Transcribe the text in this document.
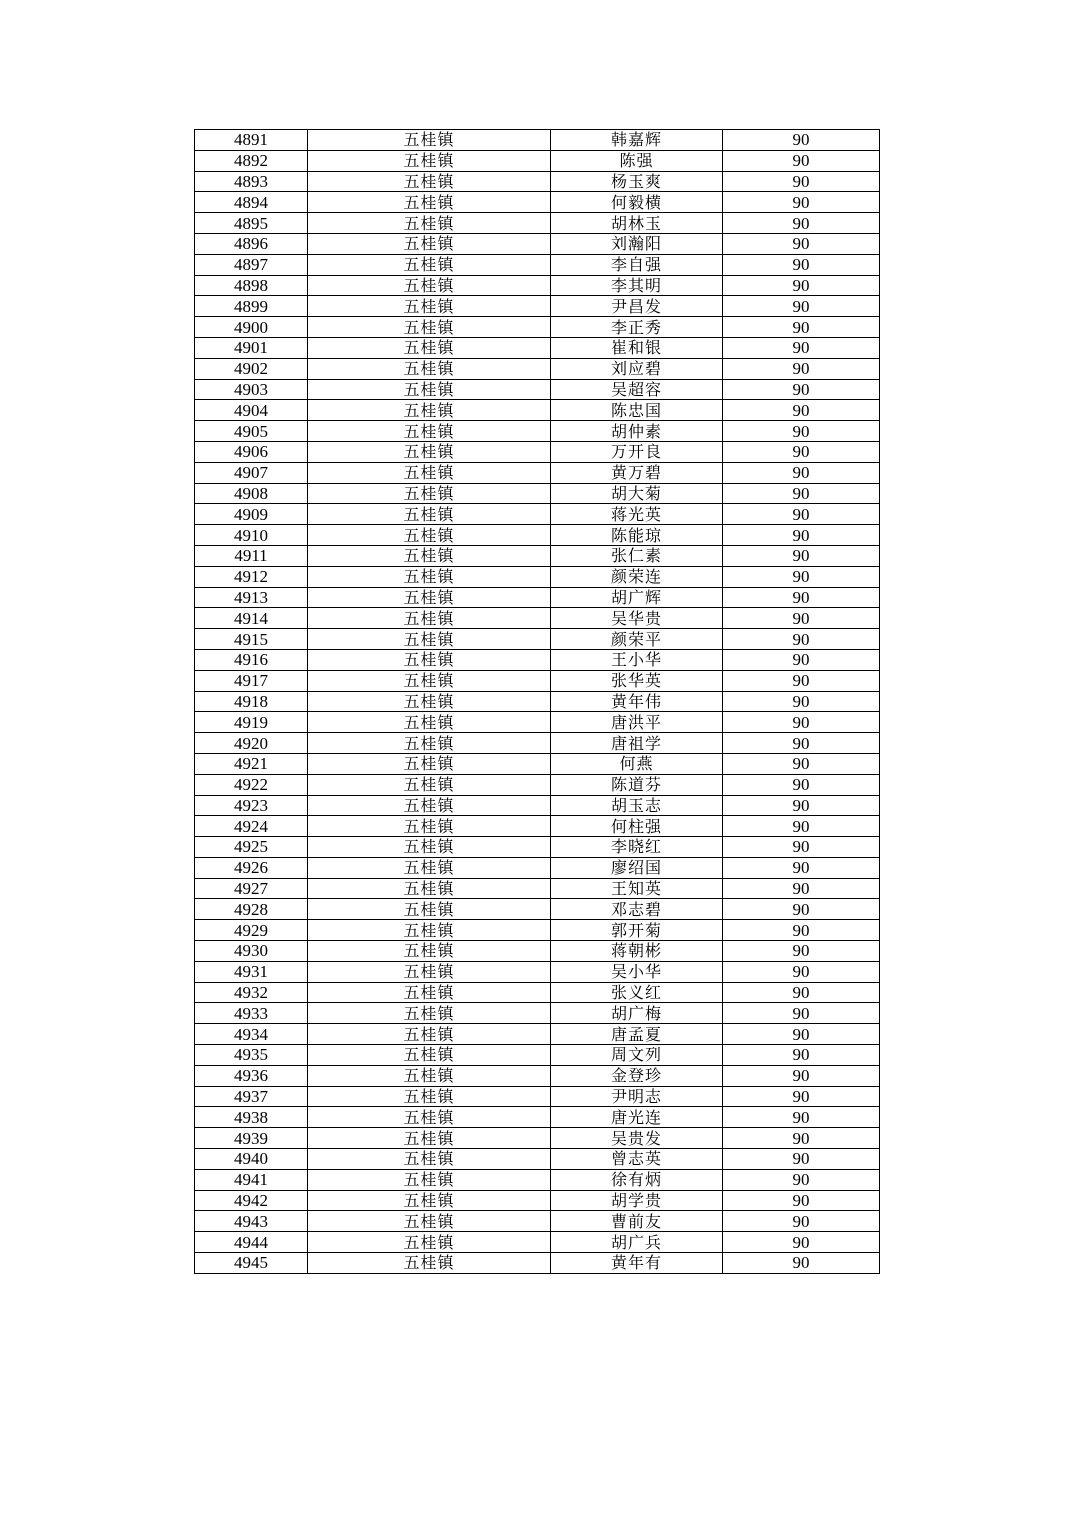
4891	五桂镇	韩嘉辉	90
4892	五桂镇	陈强	90
4893	五桂镇	杨玉爽	90
4894	五桂镇	何毅横	90
4895	五桂镇	胡林玉	90
4896	五桂镇	刘瀚阳	90
4897	五桂镇	李自强	90
4898	五桂镇	李其明	90
4899	五桂镇	尹昌发	90
4900	五桂镇	李正秀	90
4901	五桂镇	崔和银	90
4902	五桂镇	刘应碧	90
4903	五桂镇	吴超容	90
4904	五桂镇	陈忠国	90
4905	五桂镇	胡仲素	90
4906	五桂镇	万开良	90
4907	五桂镇	黄万碧	90
4908	五桂镇	胡大菊	90
4909	五桂镇	蒋光英	90
4910	五桂镇	陈能琼	90
4911	五桂镇	张仁素	90
4912	五桂镇	颜荣连	90
4913	五桂镇	胡广辉	90
4914	五桂镇	吴华贵	90
4915	五桂镇	颜荣平	90
4916	五桂镇	王小华	90
4917	五桂镇	张华英	90
4918	五桂镇	黄年伟	90
4919	五桂镇	唐洪平	90
4920	五桂镇	唐祖学	90
4921	五桂镇	何燕	90
4922	五桂镇	陈道芬	90
4923	五桂镇	胡玉志	90
4924	五桂镇	何柱强	90
4925	五桂镇	李晓红	90
4926	五桂镇	廖绍国	90
4927	五桂镇	王知英	90
4928	五桂镇	邓志碧	90
4929	五桂镇	郭开菊	90
4930	五桂镇	蒋朝彬	90
4931	五桂镇	吴小华	90
4932	五桂镇	张义红	90
4933	五桂镇	胡广梅	90
4934	五桂镇	唐孟夏	90
4935	五桂镇	周文列	90
4936	五桂镇	金登珍	90
4937	五桂镇	尹明志	90
4938	五桂镇	唐光连	90
4939	五桂镇	吴贵发	90
4940	五桂镇	曾志英	90
4941	五桂镇	徐有炳	90
4942	五桂镇	胡学贵	90
4943	五桂镇	曹前友	90
4944	五桂镇	胡广兵	90
4945	五桂镇	黄年有	90
